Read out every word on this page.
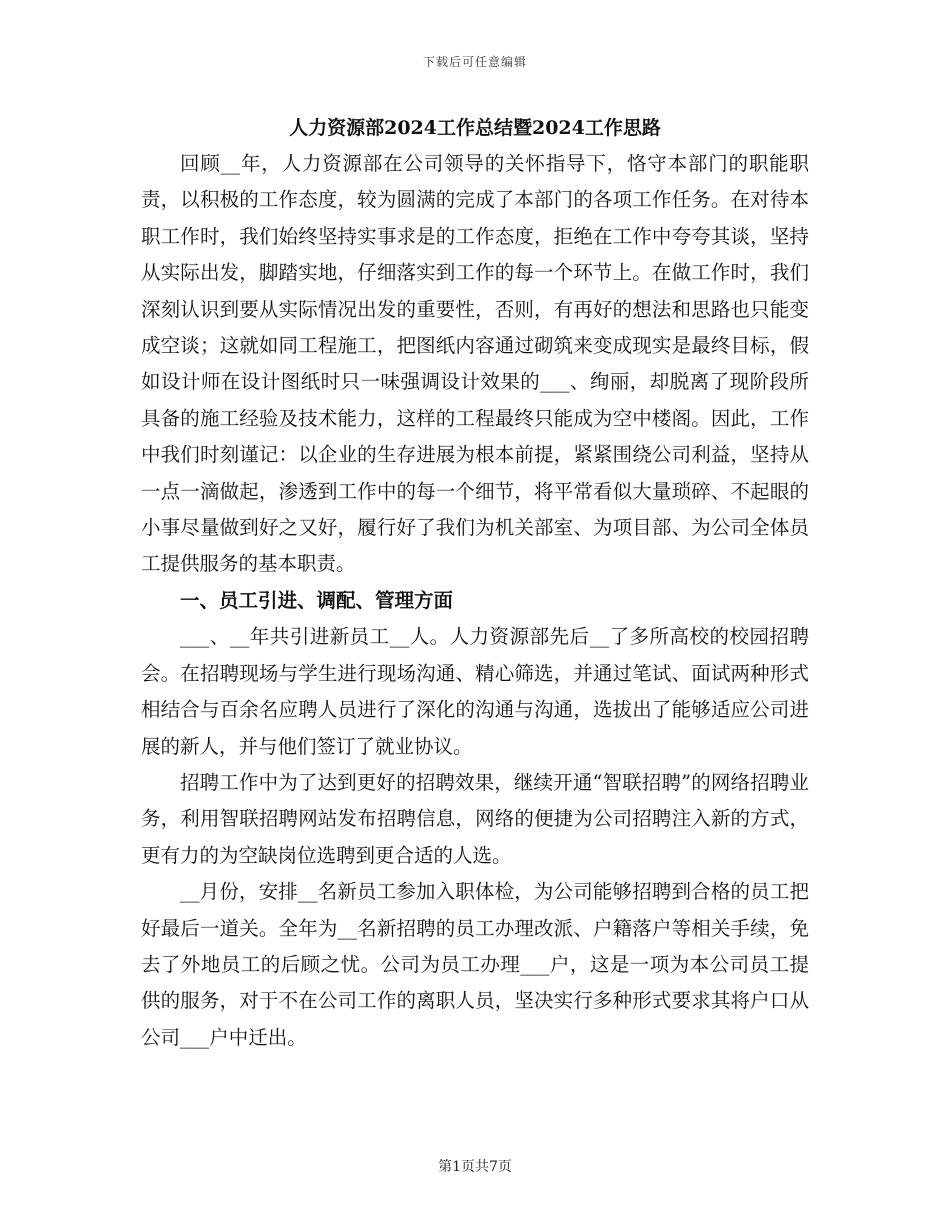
下载后可任意编辑
人力资源部2024工作总结暨2024工作思路

回顾__年，人力资源部在公司领导的关怀指导下，恪守本部门的职能职责，以积极的工作态度，较为圆满的完成了本部门的各项工作任务。在对待本职工作时，我们始终坚持实事求是的工作态度，拒绝在工作中夸夸其谈，坚持从实际出发，脚踏实地，仔细落实到工作的每一个环节上。在做工作时，我们深刻认识到要从实际情况出发的重要性，否则，有再好的想法和思路也只能变成空谈；这就如同工程施工，把图纸内容通过砌筑来变成现实是最终目标，假如设计师在设计图纸时只一味强调设计效果的___、绚丽，却脱离了现阶段所具备的施工经验及技术能力，这样的工程最终只能成为空中楼阁。因此，工作中我们时刻谨记：以企业的生存进展为根本前提，紧紧围绕公司利益，坚持从一点一滴做起，渗透到工作中的每一个细节，将平常看似大量琐碎、不起眼的小事尽量做到好之又好，履行好了我们为机关部室、为项目部、为公司全体员工提供服务的基本职责。

一、员工引进、调配、管理方面

___、__年共引进新员工__人。人力资源部先后__了多所高校的校园招聘会。在招聘现场与学生进行现场沟通、精心筛选，并通过笔试、面试两种形式相结合与百余名应聘人员进行了深化的沟通与沟通，选拔出了能够适应公司进展的新人，并与他们签订了就业协议。

招聘工作中为了达到更好的招聘效果，继续开通“智联招聘”的网络招聘业务，利用智联招聘网站发布招聘信息，网络的便捷为公司招聘注入新的方式，更有力的为空缺岗位选聘到更合适的人选。

__月份，安排__名新员工参加入职体检，为公司能够招聘到合格的员工把好最后一道关。全年为__名新招聘的员工办理改派、户籍落户等相关手续，免去了外地员工的后顾之忧。公司为员工办理___户，这是一项为本公司员工提供的服务，对于不在公司工作的离职人员，坚决实行多种形式要求其将户口从公司___户中迁出。

第1页共7页
